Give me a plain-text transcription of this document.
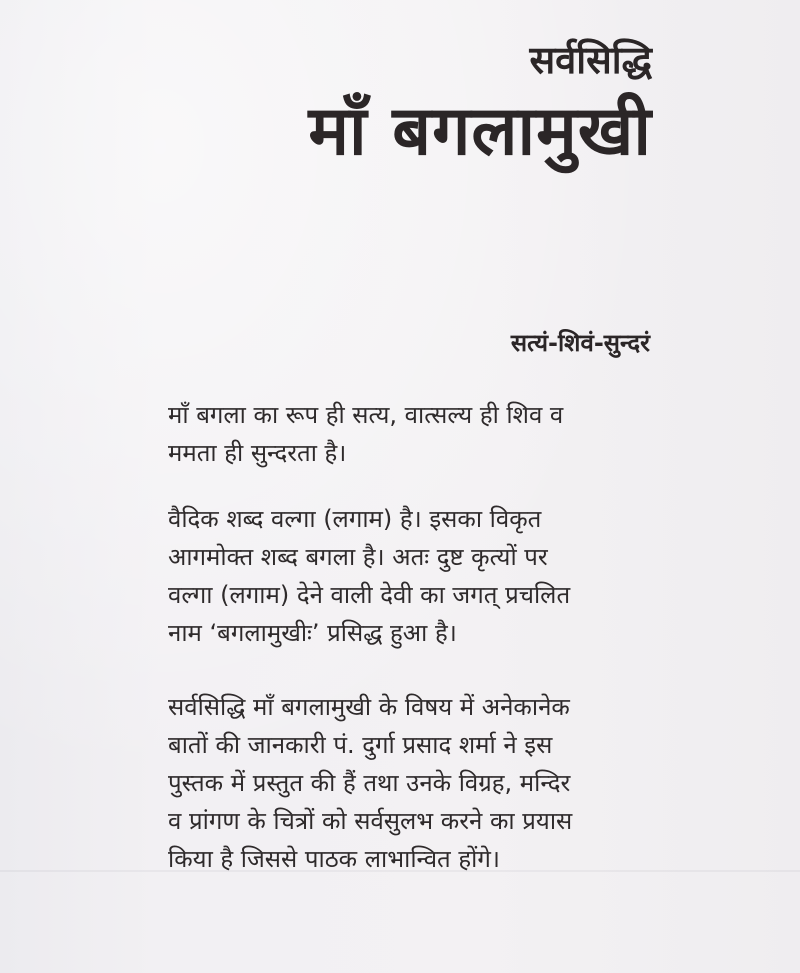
सर्वसिद्धि
माँ बगलामुखी
सत्यं-शिवं-सुन्दरं

माँ बगला का रूप ही सत्य, वात्सल्य ही शिव व
ममता ही सुन्दरता है।

वैदिक शब्द वल्गा (लगाम) है। इसका विकृत
आगमोक्त शब्द बगला है। अतः दुष्ट कृत्यों पर
वल्गा (लगाम) देने वाली देवी का जगत् प्रचलित
नाम ‘बगलामुखीः’ प्रसिद्ध हुआ है।

सर्वसिद्धि माँ बगलामुखी के विषय में अनेकानेक
बातों की जानकारी पं. दुर्गा प्रसाद शर्मा ने इस
पुस्तक में प्रस्तुत की हैं तथा उनके विग्रह, मन्दिर
व प्रांगण के चित्रों को सर्वसुलभ करने का प्रयास
किया है जिससे पाठक लाभान्वित होंगे।
